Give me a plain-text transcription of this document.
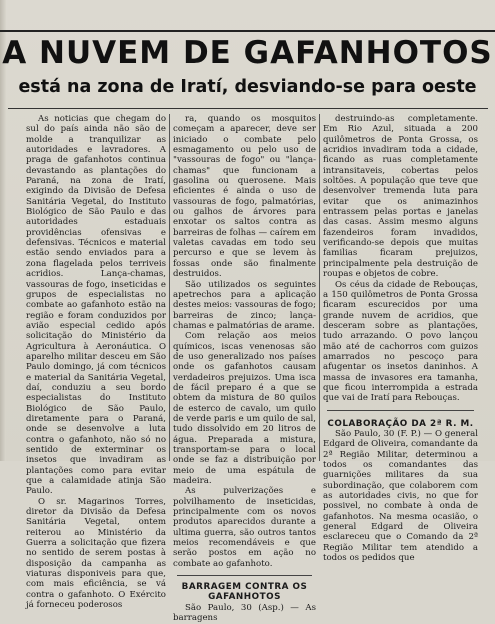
A NUVEM DE GAFANHOTOS
está na zona de Iratí, desviando-se para oeste

As noticias que chegam do sul do país ainda não são de molde a tranquilizar as autoridades e lavradores. A praga de gafanhotos continua devastando as plantações do Paraná, na zona de Iratí, exigindo da Divisão de Defesa Sanitária Vegetal, do Instituto Biológico de São Paulo e das autoridades estaduais providências ofensivas e defensivas. Técnicos e material estão sendo enviados para a zona flagelada pelos terriveis acridios. Lança-chamas, vassouras de fogo, inseticidas e grupos de especialistas no combate ao gafanhoto estão na região e foram conduzidos por avião especial cedido após solicitação do Ministério da Agricultura à Aeronáutica. O aparelho militar desceu em São Paulo domingo, já com técnicos e material da Sanitária Vegetal, daí, conduziu a seu bordo especialistas do Instituto Biológico de São Paulo, diretamente para o Paraná, onde se desenvolve a luta contra o gafanhoto, não só no sentido de exterminar os insetos que invadiram as plantações como para evitar que a calamidade atinja São Paulo.

O sr. Magarinos Torres, diretor da Divisão da Defesa Sanitária Vegetal, ontem reiterou ao Ministério da Guerra a solicitação que fizera no sentido de serem postas à disposição da campanha as viaturas disponiveis para que, com mais eficiência, se vá contra o gafanhoto. O Exército já forneceu poderosos

ra, quando os mosquitos começam a aparecer, deve ser iniciado o combate pelo esmagamento ou pelo uso de "vassouras de fogo" ou "lança-chamas" que funcionam a gasolina ou querosene. Mais eficientes é ainda o uso de vassouras de fogo, palmatórias, ou galhos de árvores para enxotar os saltos contra as barreiras de folhas — caírem em valetas cavadas em todo seu percurso e que se levem às fossas onde são finalmente destruidos.

São utilizados os seguintes apetrechos para a aplicação destes meios: vassouras de fogo; barreiras de zinco; lança-chamas e palmatórias de arame.

Com relação aos meios químicos, iscas venenosas são de uso generalizado nos países onde os gafanhotos causam verdadeiros prejuizos. Uma isca de fácil preparo é a que se obtem da mistura de 80 quilos de esterco de cavalo, um quilo de verde paris e um quilo de sal, tudo dissolvido em 20 litros de água. Preparada a mistura, transportam-se para o local onde se faz a distribuição por meio de uma espátula de madeira.

As pulverizações e polvilhamento de inseticidas, principalmente com os novos produtos aparecidos durante a ultima guerra, são outros tantos meios recomendáveis e que serão postos em ação no combate ao gafanhoto.

BARRAGEM CONTRA OS GAFANHOTOS

São Paulo, 30 (Asp.) — As barragens

destruindo-as completamente. Em Rio Azul, situada a 200 quilômetros de Ponta Grossa, os acridios invadiram toda a cidade, ficando as ruas completamente intransitaveis, cobertas pelos soltões. A população que teve que desenvolver tremenda luta para evitar que os animazinhos entrassem pelas portas e janelas das casas. Assim mesmo alguns fazendeiros foram invadidos, verificando-se depois que muitas familias ficaram prejuizos, principalmente pela destruição de roupas e objetos de cobre.

Os céus da cidade de Rebouças, a 150 quilômetros de Ponta Grossa ficaram escurecidos por uma grande nuvem de acridios, que desceram sobre as plantações, tudo arrazando. O povo lançou mão até de cachorros com guizos amarrados no pescoço para afugentar os insetos daninhos. A massa de invasores era tamanha, que ficou interrompida a estrada que vai de Iratí para Rebouças.

COLABORAÇÃO DA 2ª R. M.

São Paulo, 30 (F. P.) — O general Edgard de Oliveira, comandante da 2ª Região Militar, determinou a todos os comandantes das guarnições militares da sua subordinação, que colaborem com as autoridades civis, no que for possivel, no combate à onda de gafanhotos. Na mesma ocasião, o general Edgard de Oliveira esclareceu que o Comando da 2ª Região Militar tem atendido a todos os pedidos que
